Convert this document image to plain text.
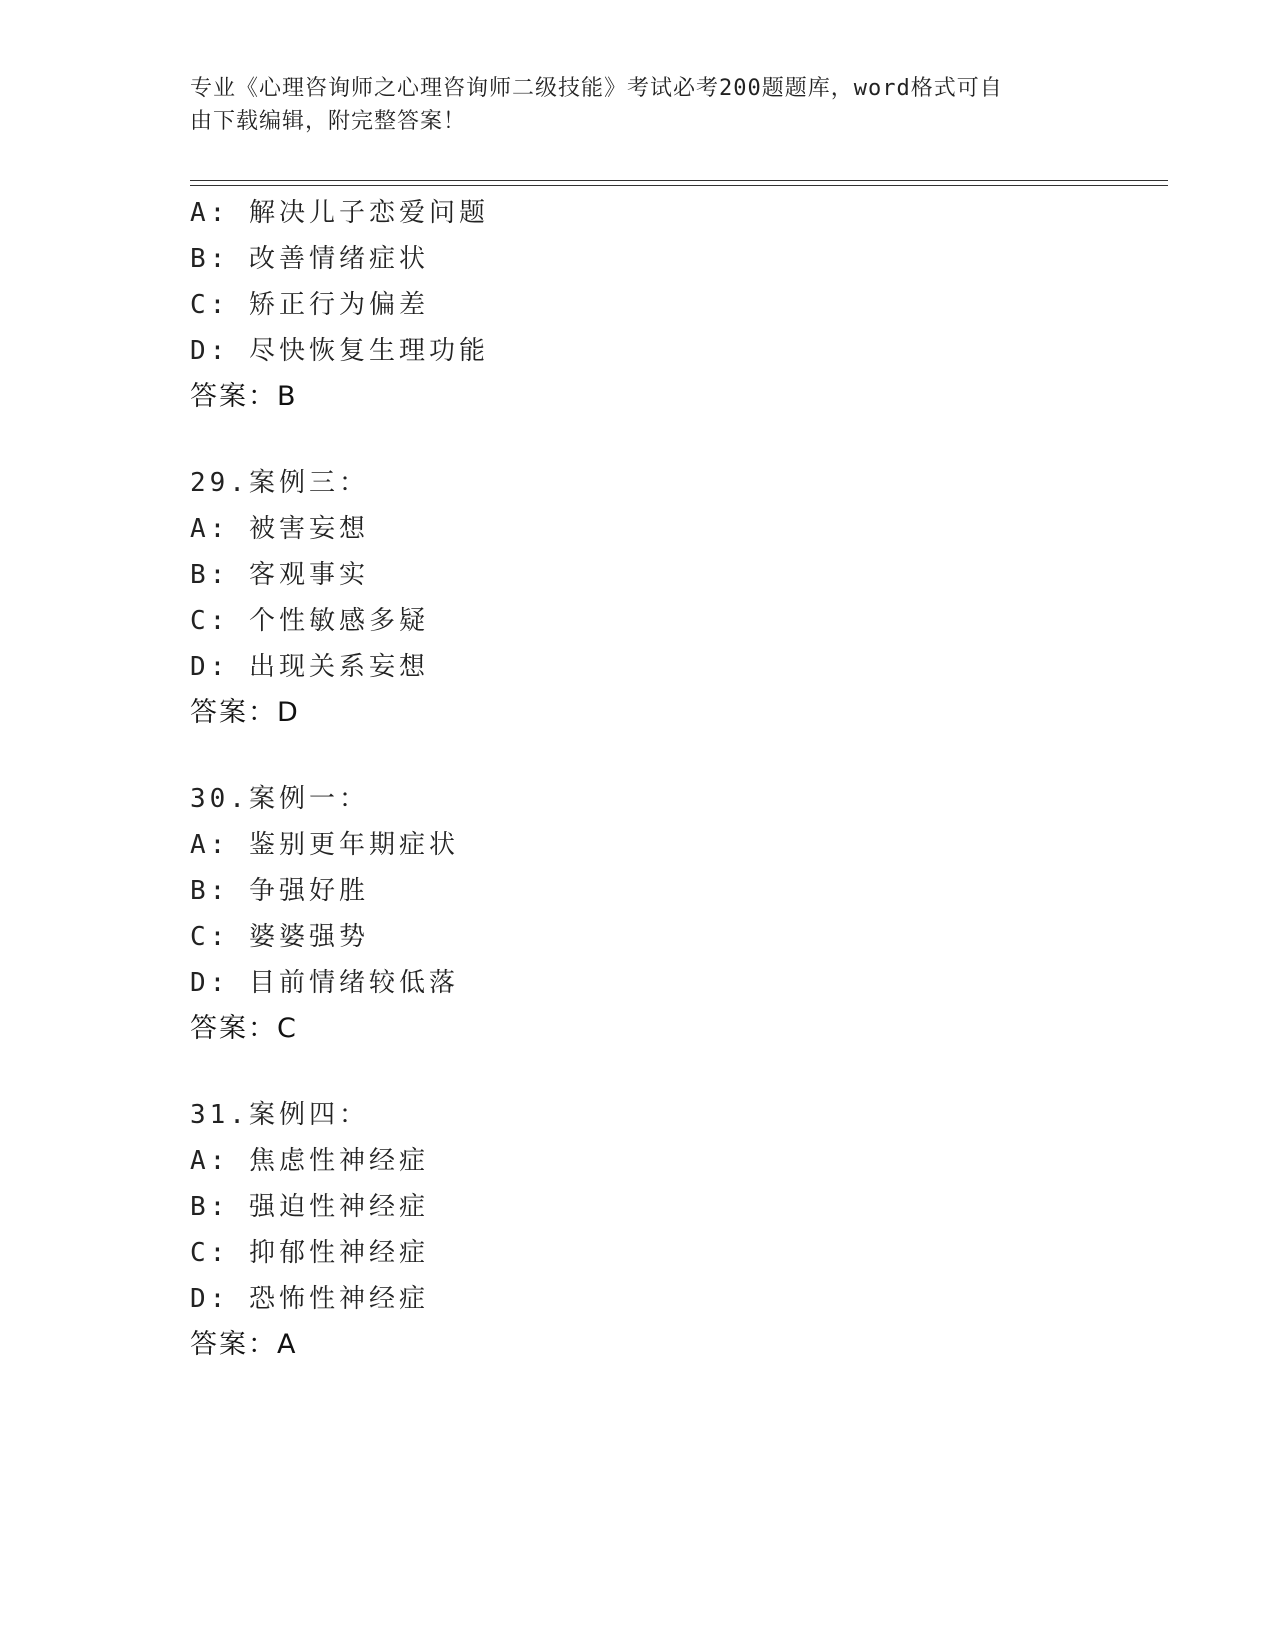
专业《心理咨询师之心理咨询师二级技能》考试必考200题题库，word格式可自
由下载编辑，附完整答案！
A: 解决儿子恋爱问题
B: 改善情绪症状
C: 矫正行为偏差
D: 尽快恢复生理功能
答案：B
29.案例三：
A: 被害妄想
B: 客观事实
C: 个性敏感多疑
D: 出现关系妄想
答案：D
30.案例一：
A: 鉴别更年期症状
B: 争强好胜
C: 婆婆强势
D: 目前情绪较低落
答案：C
31.案例四：
A: 焦虑性神经症
B: 强迫性神经症
C: 抑郁性神经症
D: 恐怖性神经症
答案：A
